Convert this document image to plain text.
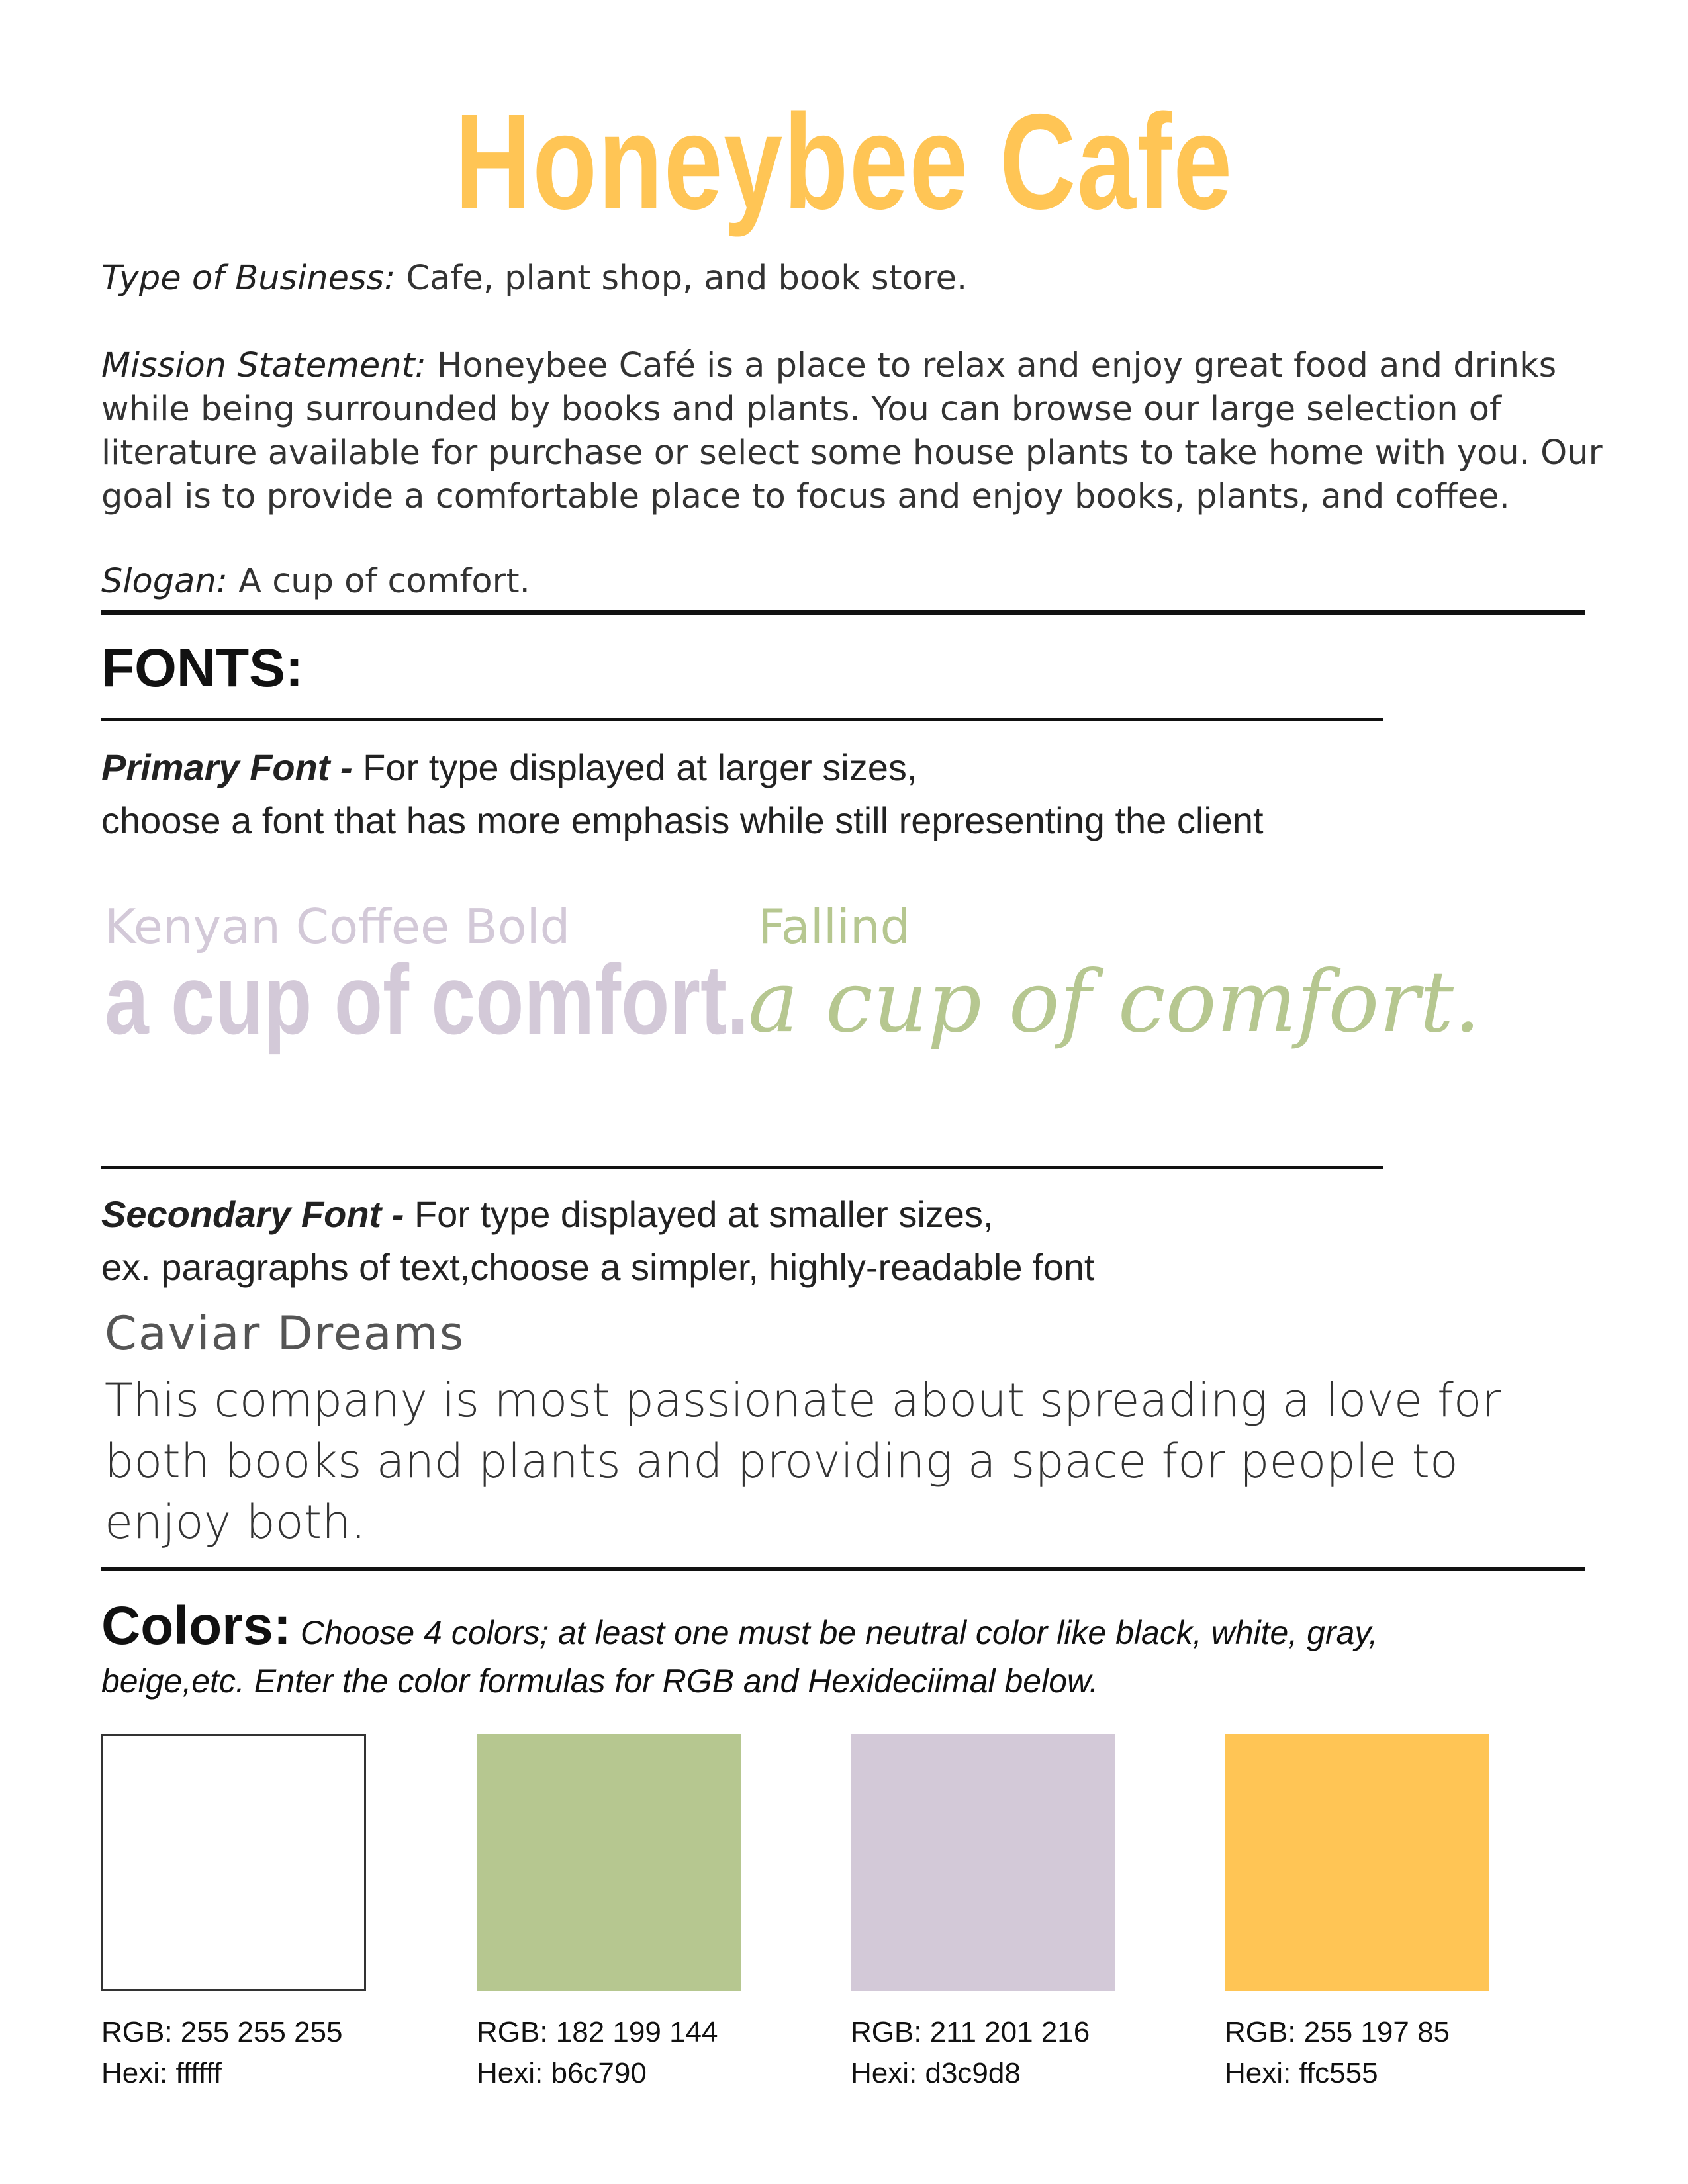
Honeybee Cafe
Type of Business: Cafe, plant shop, and book store.
Mission Statement: Honeybee Café is a place to relax and enjoy great food and drinks while being surrounded by books and plants. You can browse our large selection of literature available for purchase or select some house plants to take home with you. Our goal is to provide a comfortable place to focus and enjoy books, plants, and coffee.
Slogan: A cup of comfort.
FONTS:
Primary Font - For type displayed at larger sizes,
choose a font that has more emphasis while still representing the client
Kenyan Coffee Bold
a cup of comfort.
Fallind
a cup of comfort.
Secondary Font - For type displayed at smaller sizes,
ex. paragraphs of text,choose a simpler, highly-readable font
Caviar Dreams
This company is most passionate about spreading a love for both books and plants and providing a space for people to enjoy both.
Colors: Choose 4 colors; at least one must be neutral color like black, white, gray,
beige,etc. Enter the color formulas for RGB and Hexideciimal below.
RGB: 255 255 255
Hexi: ffffff
RGB: 182 199 144
Hexi: b6c790
RGB: 211 201 216
Hexi: d3c9d8
RGB: 255 197 85
Hexi: ffc555
